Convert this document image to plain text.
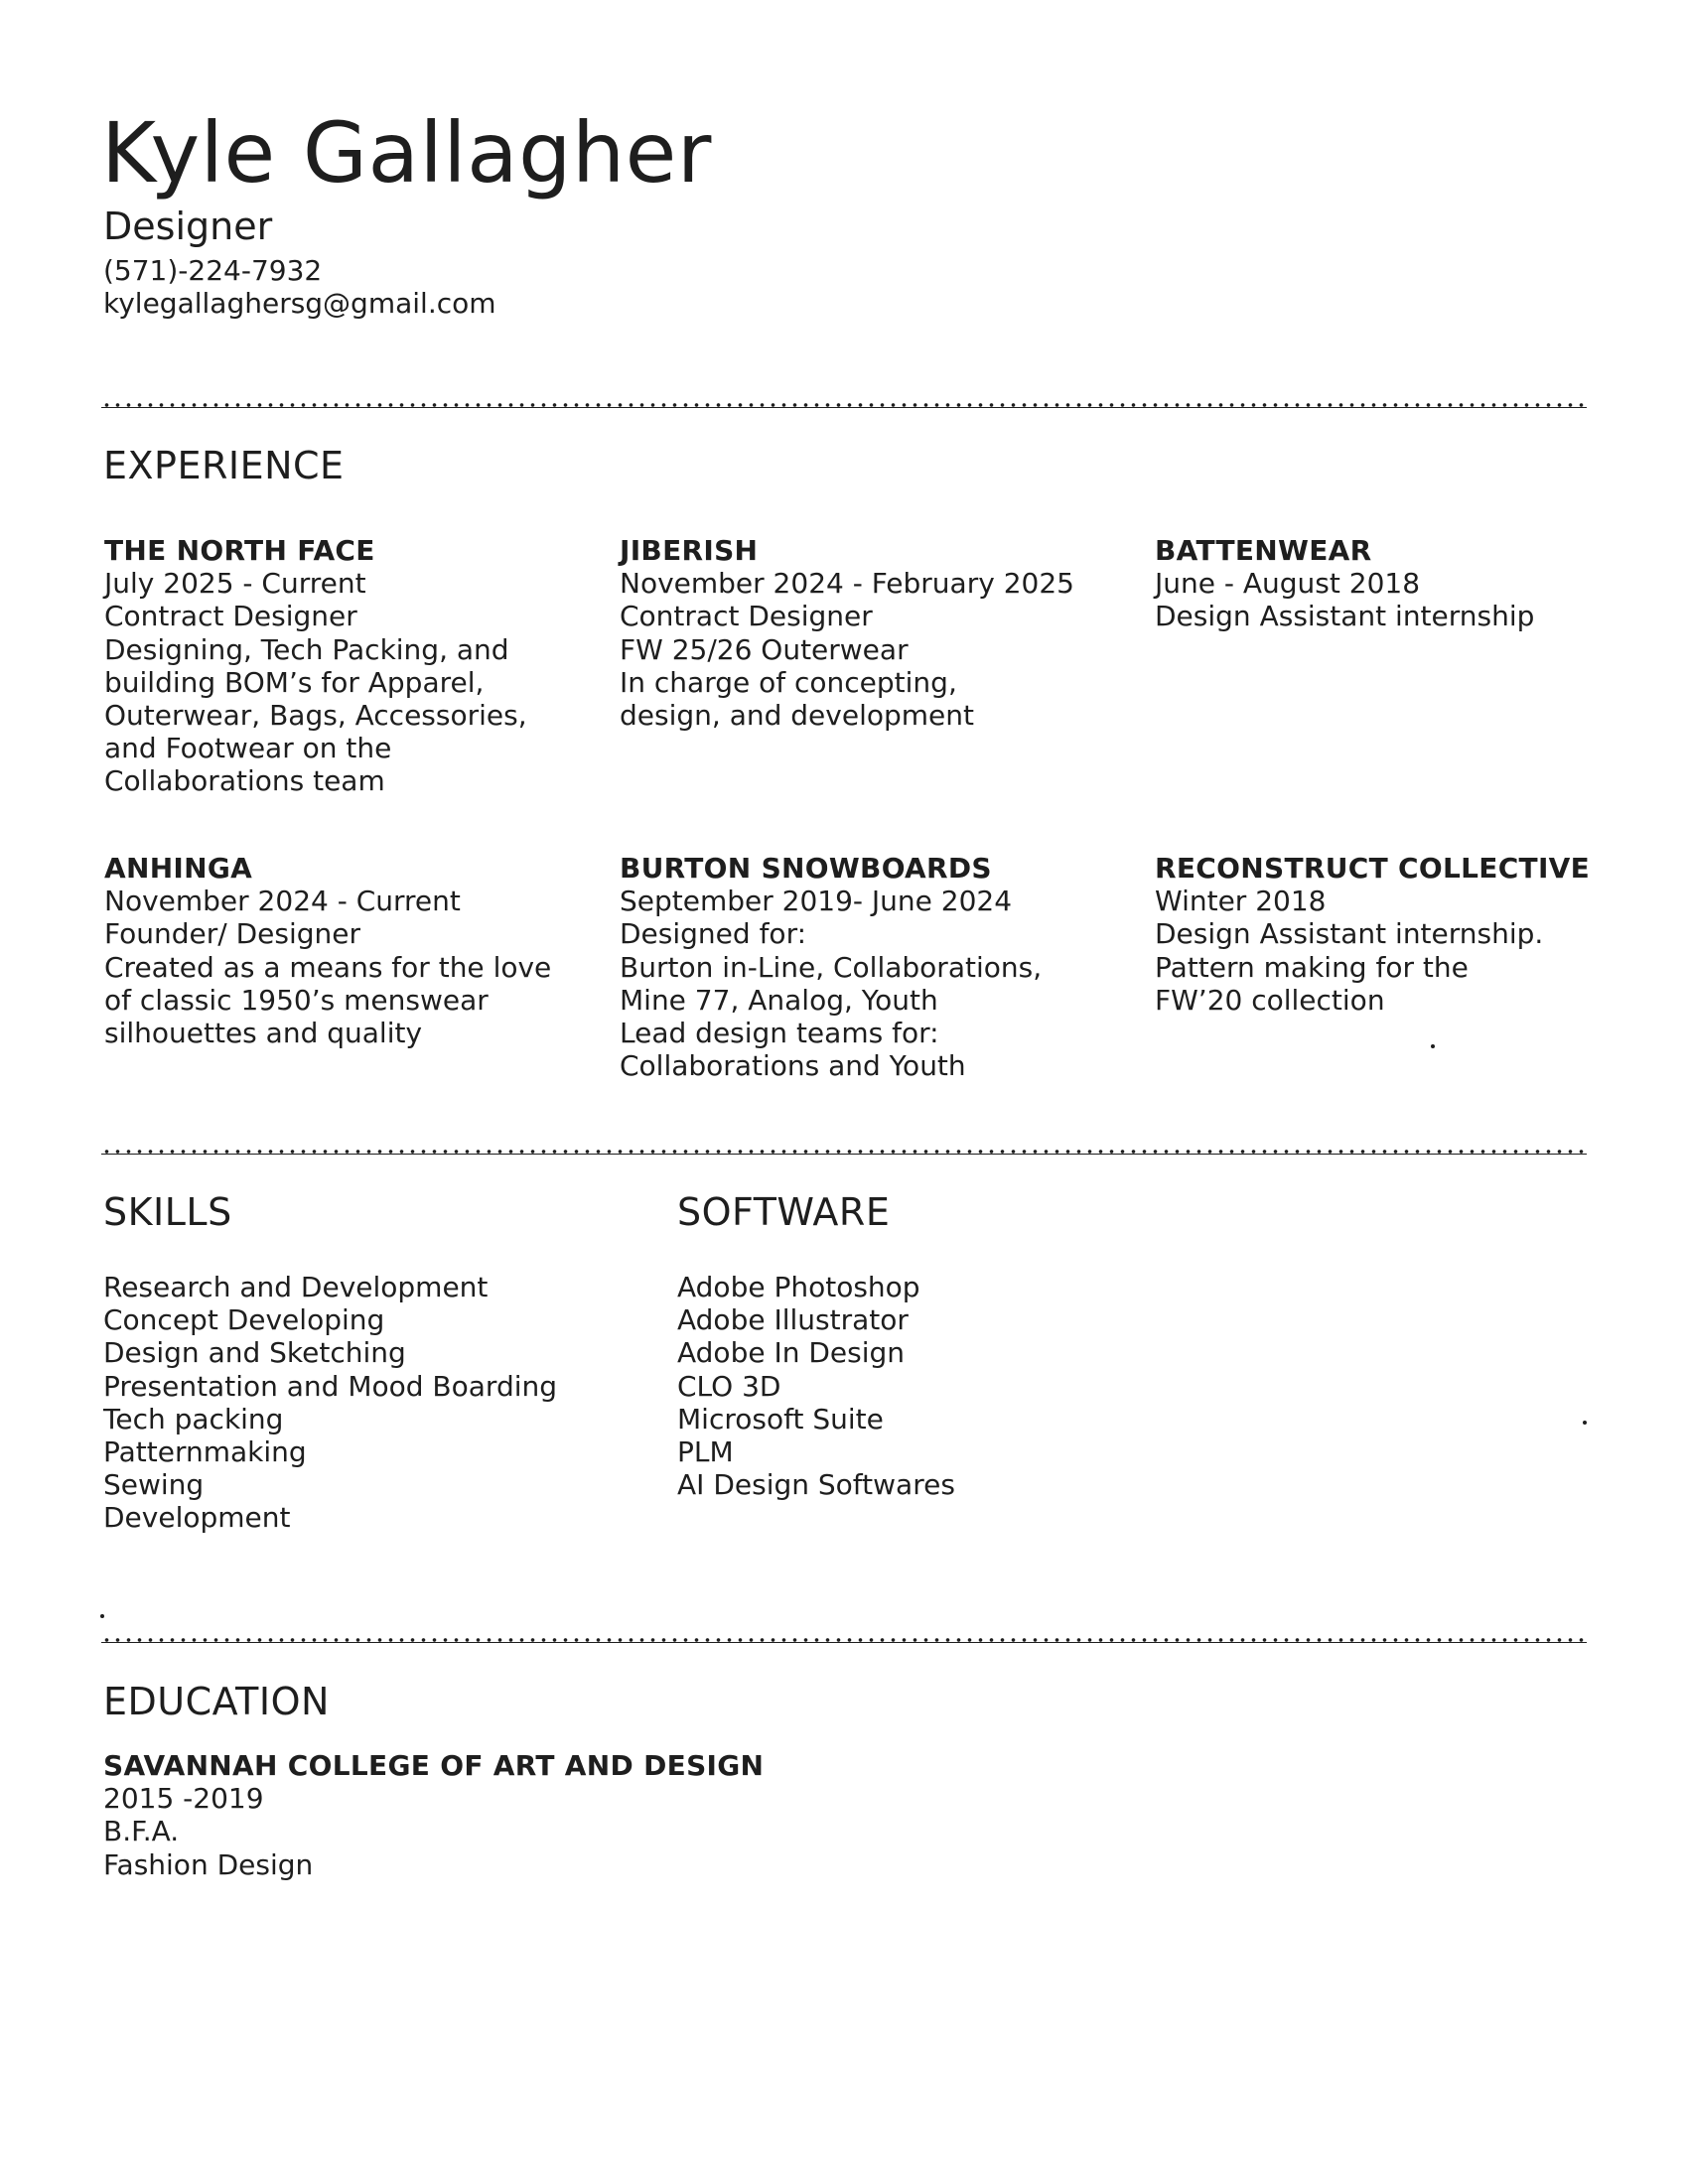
Kyle Gallagher
Designer
(571)-224-7932
kylegallaghersg@gmail.com
EXPERIENCE
THE NORTH FACE
July 2025 - Current
Contract Designer
Designing, Tech Packing, and
building BOM’s for Apparel,
Outerwear, Bags, Accessories,
and Footwear on the
Collaborations team
JIBERISH
November 2024 - February 2025
Contract Designer
FW 25/26 Outerwear
In charge of concepting,
design, and development
BATTENWEAR
June - August 2018
Design Assistant internship
ANHINGA
November 2024 - Current
Founder/ Designer
Created as a means for the love
of classic 1950’s menswear
silhouettes and quality
BURTON SNOWBOARDS
September 2019- June 2024
Designed for:
Burton in-Line, Collaborations,
Mine 77, Analog, Youth
Lead design teams for:
Collaborations and Youth
RECONSTRUCT COLLECTIVE
Winter 2018
Design Assistant internship.
Pattern making for the
FW’20 collection
SKILLS
Research and Development
Concept Developing
Design and Sketching
Presentation and Mood Boarding
Tech packing
Patternmaking
Sewing
Development
SOFTWARE
Adobe Photoshop
Adobe Illustrator
Adobe In Design
CLO 3D
Microsoft Suite
PLM
AI Design Softwares
EDUCATION
SAVANNAH COLLEGE OF ART AND DESIGN
2015 -2019
B.F.A.
Fashion Design
